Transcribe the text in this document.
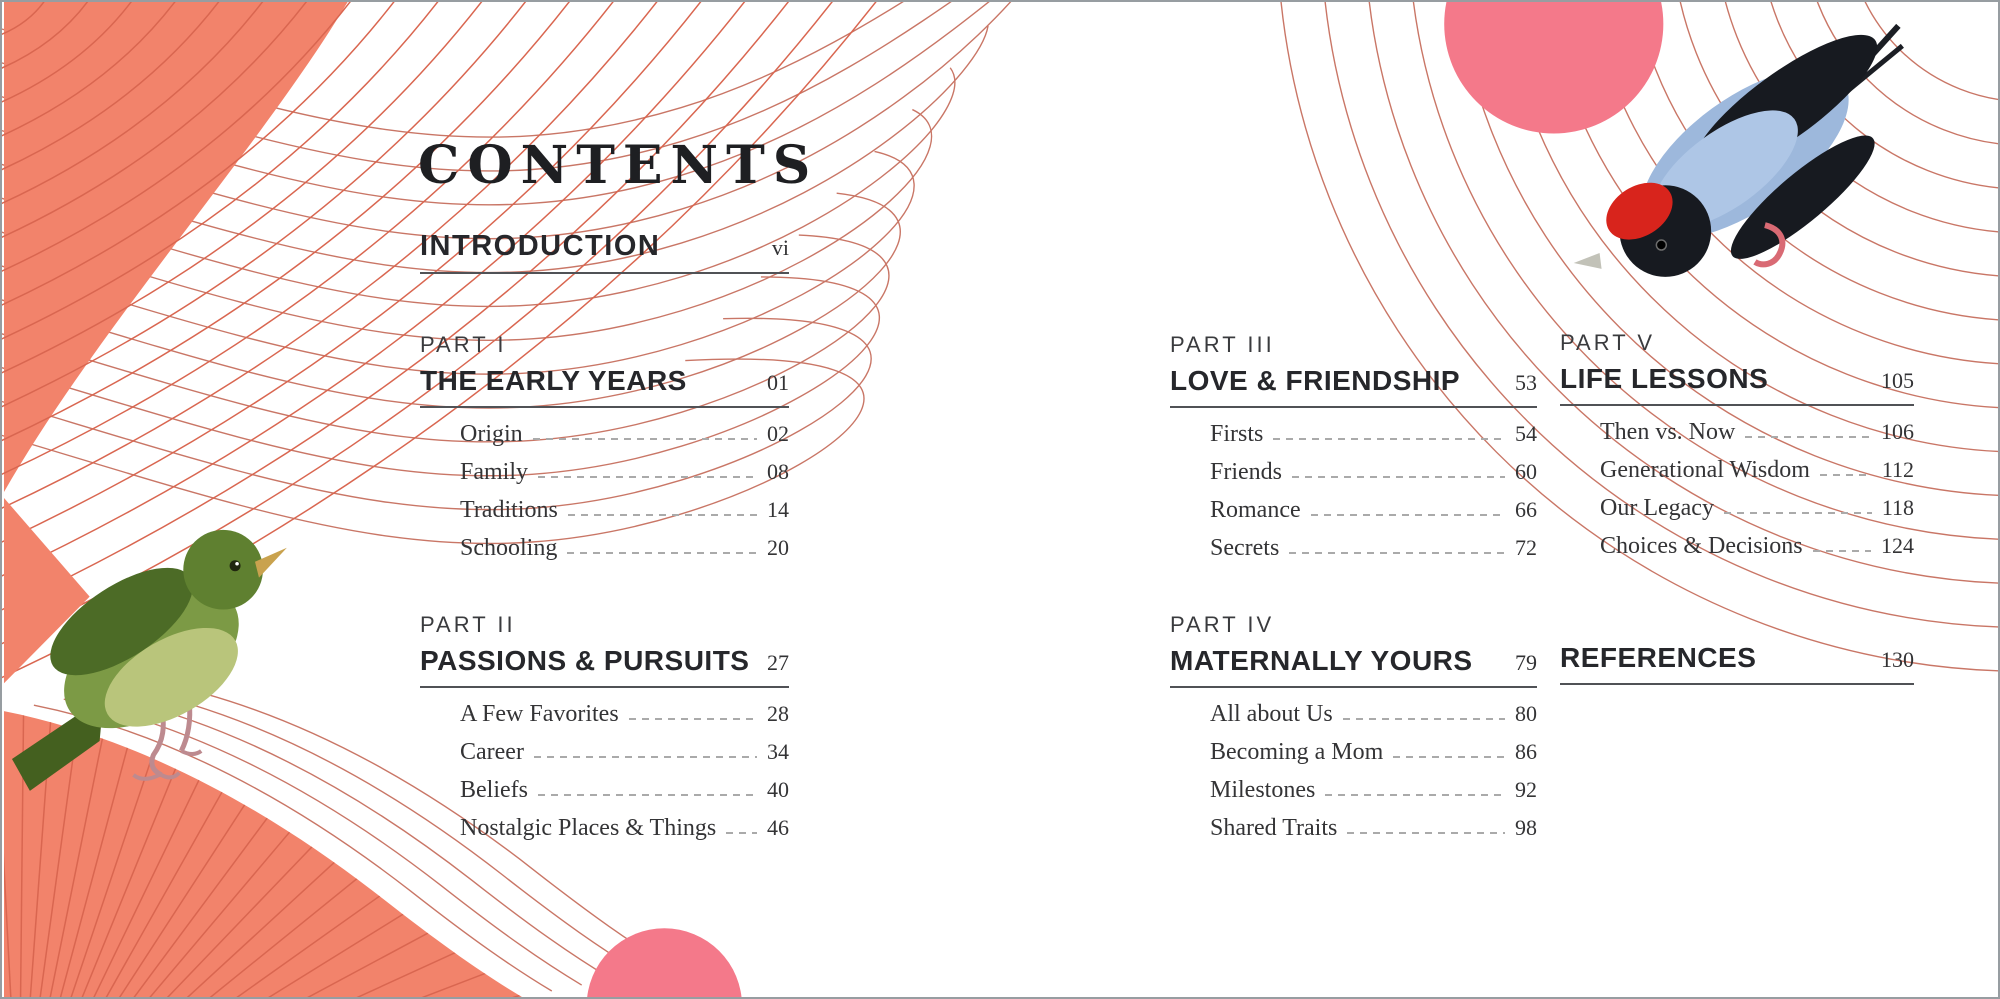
CONTENTS
INTRODUCTION	vi
PART I
THE EARLY YEARS	01
Origin	02
Family	08
Traditions	14
Schooling	20
PART II
PASSIONS & PURSUITS 27
A Few Favorites	28
Career	34
Beliefs	40
Nostalgic Places & Things 46
PART III
LOVE & FRIENDSHIP	53
Firsts	54
Friends	60
Romance	66
Secrets	72
PART IV
MATERNALLY YOURS	79
All about Us	80
Becoming a Mom	86
Milestones	92
Shared Traits	98
PART V
LIFE LESSONS	105
Then vs. Now	106
Generational Wisdom	112
Our Legacy	118
Choices & Decisions	124
REFERENCES	130
